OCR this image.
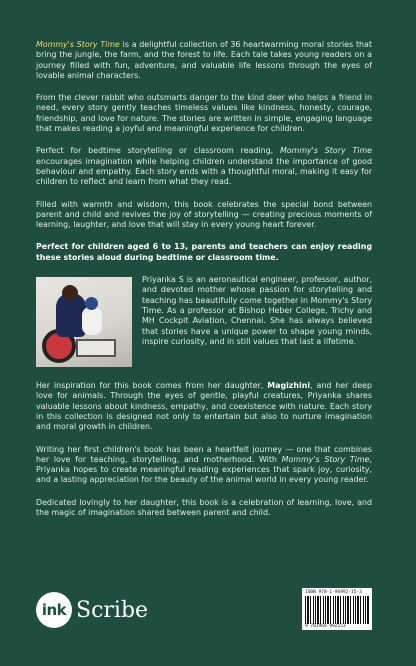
Mommy's Story Time is a delightful collection of 36 heartwarming moral stories that bring the jungle, the farm, and the forest to life. Each tale takes young readers on a journey filled with fun, adventure, and valuable life lessons through the eyes of lovable animal characters.

From the clever rabbit who outsmarts danger to the kind deer who helps a friend in need, every story gently teaches timeless values like kindness, honesty, courage, friendship, and love for nature. The stories are written in simple, engaging language that makes reading a joyful and meaningful experience for children.

Perfect for bedtime storytelling or classroom reading, Mommy's Story Time encourages imagination while helping children understand the importance of good behaviour and empathy. Each story ends with a thoughtful moral, making it easy for children to reflect and learn from what they read.

Filled with warmth and wisdom, this book celebrates the special bond between parent and child and revives the joy of storytelling — creating precious moments of learning, laughter, and love that will stay in every young heart forever.

Perfect for children aged 6 to 13, parents and teachers can enjoy reading these stories aloud during bedtime or classroom time.

Priyanka S is an aeronautical engineer, professor, author, and devoted mother whose passion for storytelling and teaching has beautifully come together in Mommy's Story Time. As a professor at Bishop Heber College, Trichy and MH Cockpit Aviation, Chennai. She has always believed that stories have a unique power to shape young minds, inspire curiosity, and in still values that last a lifetime.

Her inspiration for this book comes from her daughter, Magizhini, and her deep love for animals. Through the eyes of gentle, playful creatures, Priyanka shares valuable lessons about kindness, empathy, and coexistence with nature. Each story in this collection is designed not only to entertain but also to nurture imagination and moral growth in children.

Writing her first children's book has been a heartfelt journey — one that combines her love for teaching, storytelling, and motherhood. With Mommy's Story Time, Priyanka hopes to create meaningful reading experiences that spark joy, curiosity, and a lasting appreciation for the beauty of the animal world in every young reader.

Dedicated lovingly to her daughter, this book is a celebration of learning, love, and the magic of imagination shared between parent and child.

ink Scribe
ISBN 978-1-96992-15-3
9 781969 992153
